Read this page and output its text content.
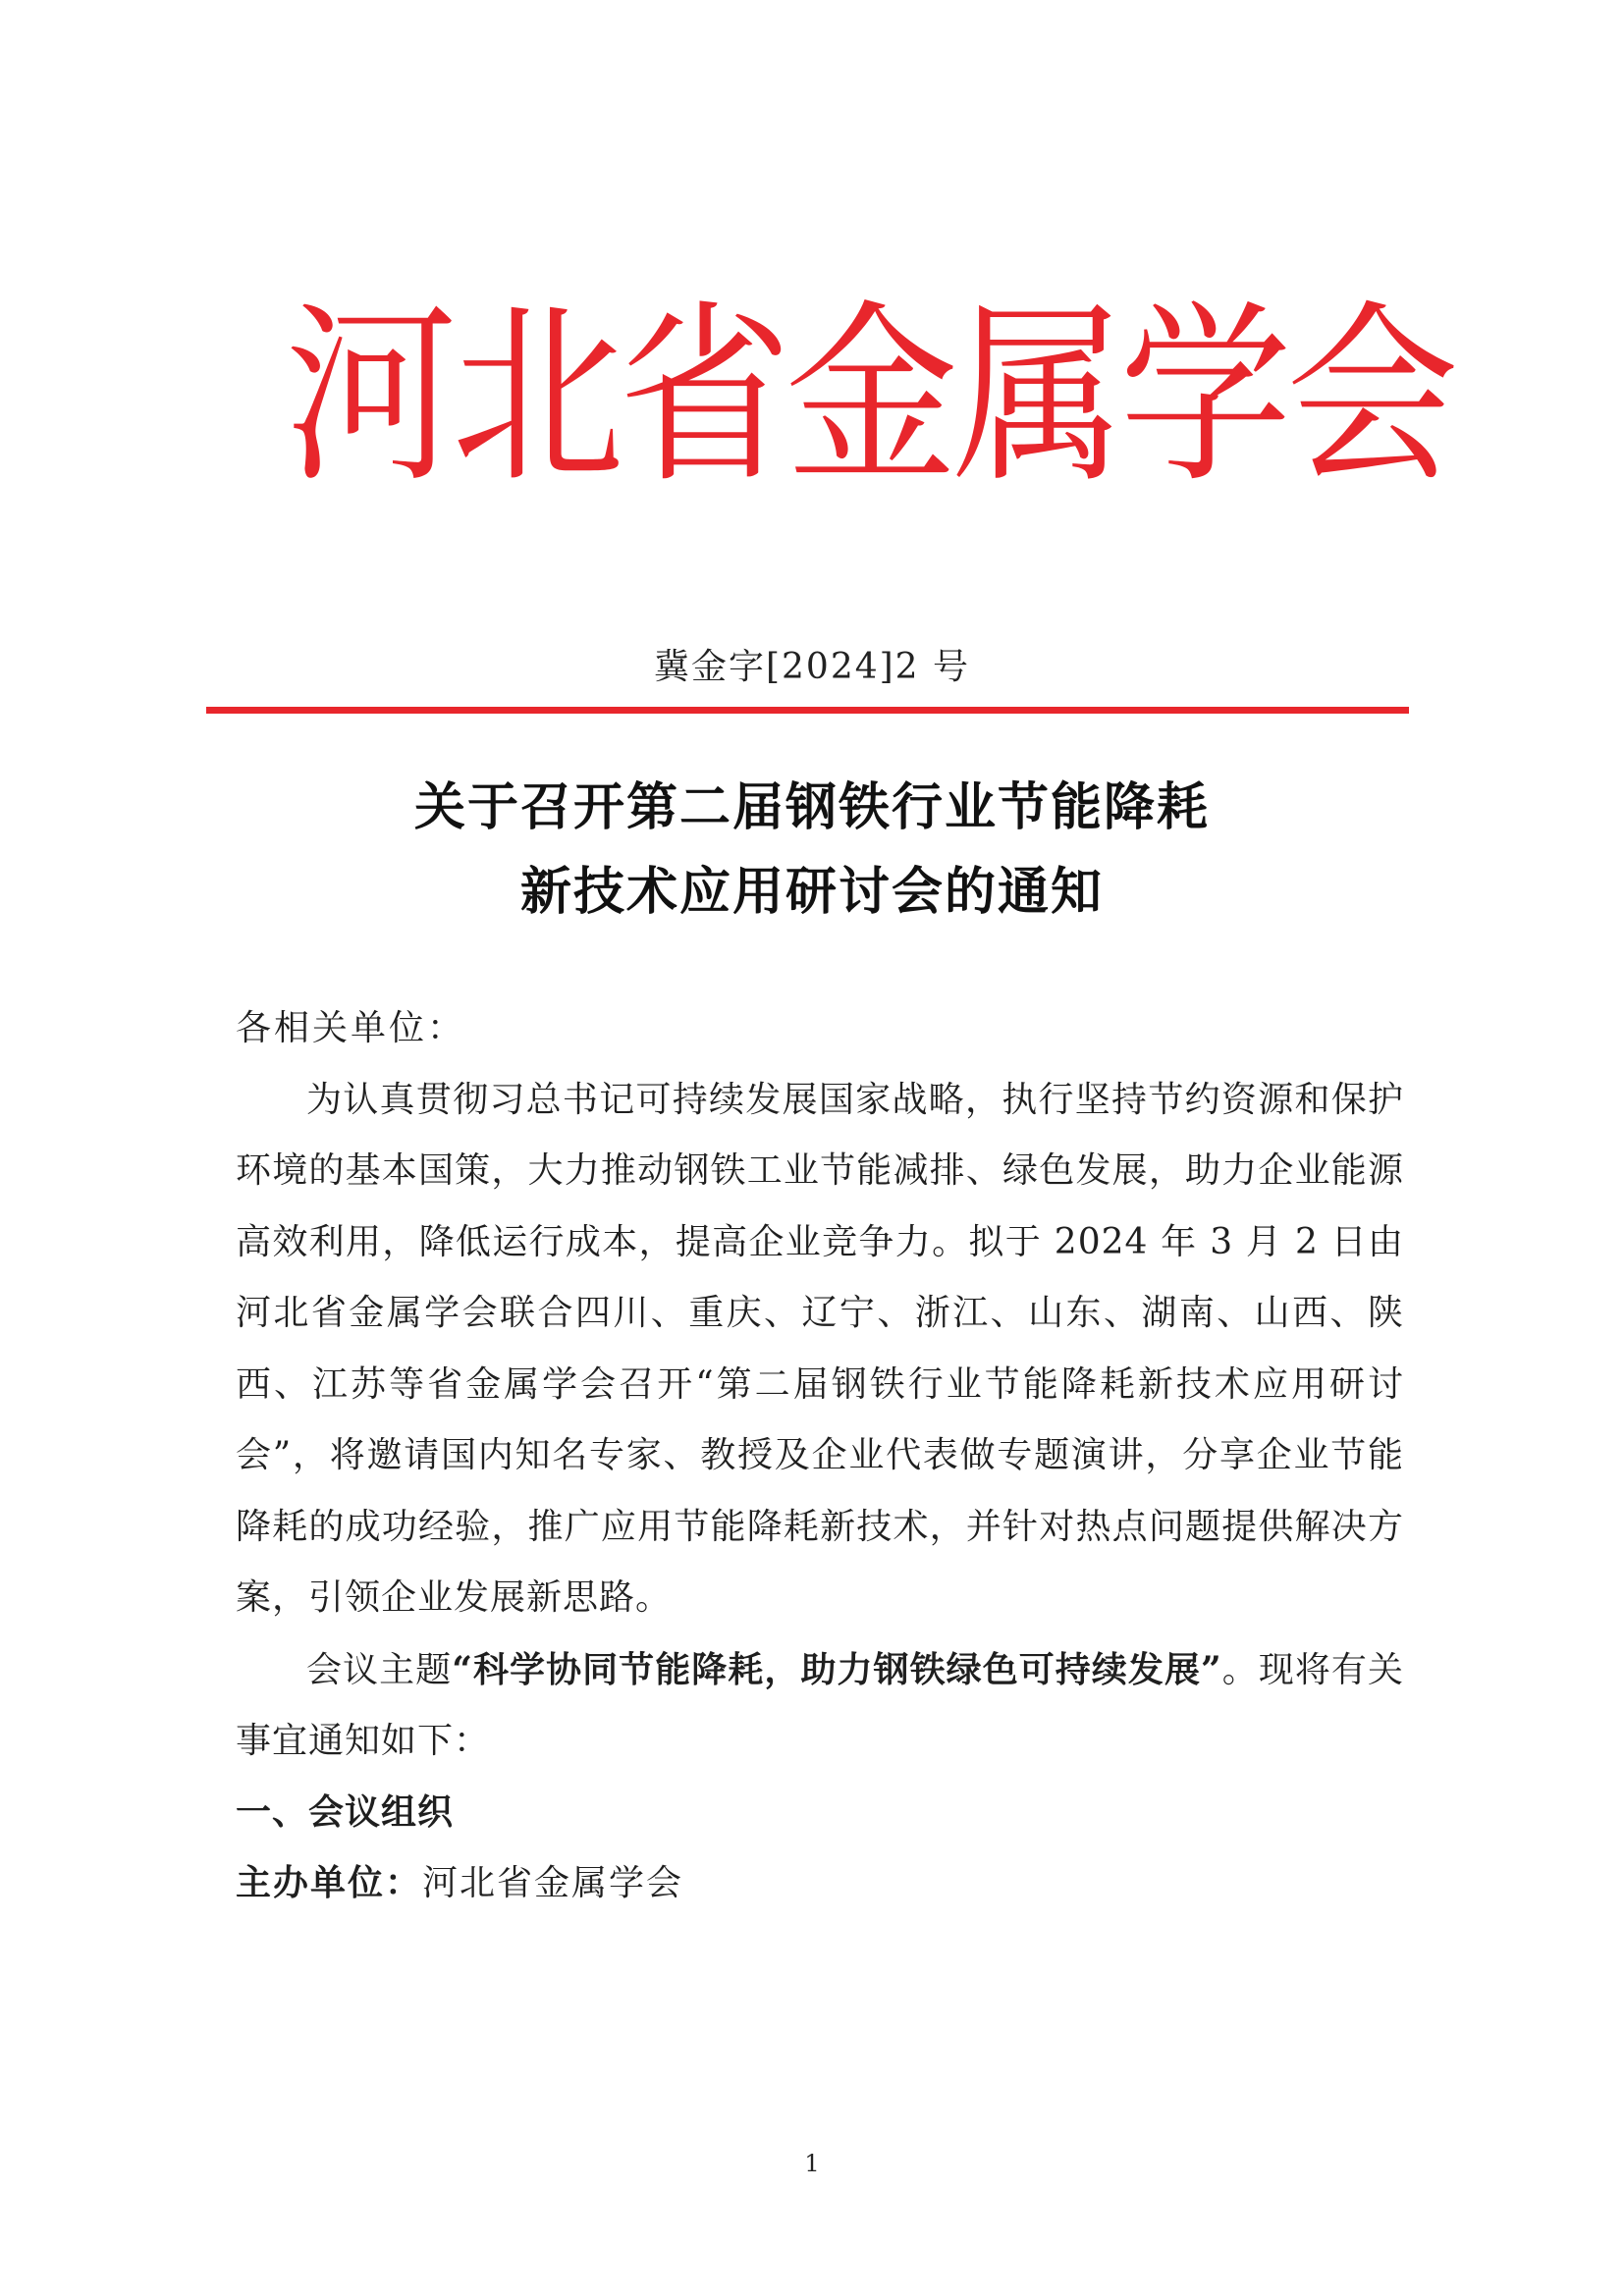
河北省金属学会
冀金字[2024]2 号
关于召开第二届钢铁行业节能降耗
新技术应用研讨会的通知

各相关单位：

为认真贯彻习总书记可持续发展国家战略，执行坚持节约资源和保护环境的基本国策，大力推动钢铁工业节能减排、绿色发展，助力企业能源高效利用，降低运行成本，提高企业竞争力。拟于 2024 年 3 月 2 日由河北省金属学会联合四川、重庆、辽宁、浙江、山东、湖南、山西、陕西、江苏等省金属学会召开“第二届钢铁行业节能降耗新技术应用研讨会”，将邀请国内知名专家、教授及企业代表做专题演讲，分享企业节能降耗的成功经验，推广应用节能降耗新技术，并针对热点问题提供解决方案，引领企业发展新思路。

会议主题“科学协同节能降耗，助力钢铁绿色可持续发展”。现将有关事宜通知如下：

一、会议组织

主办单位：河北省金属学会

1
